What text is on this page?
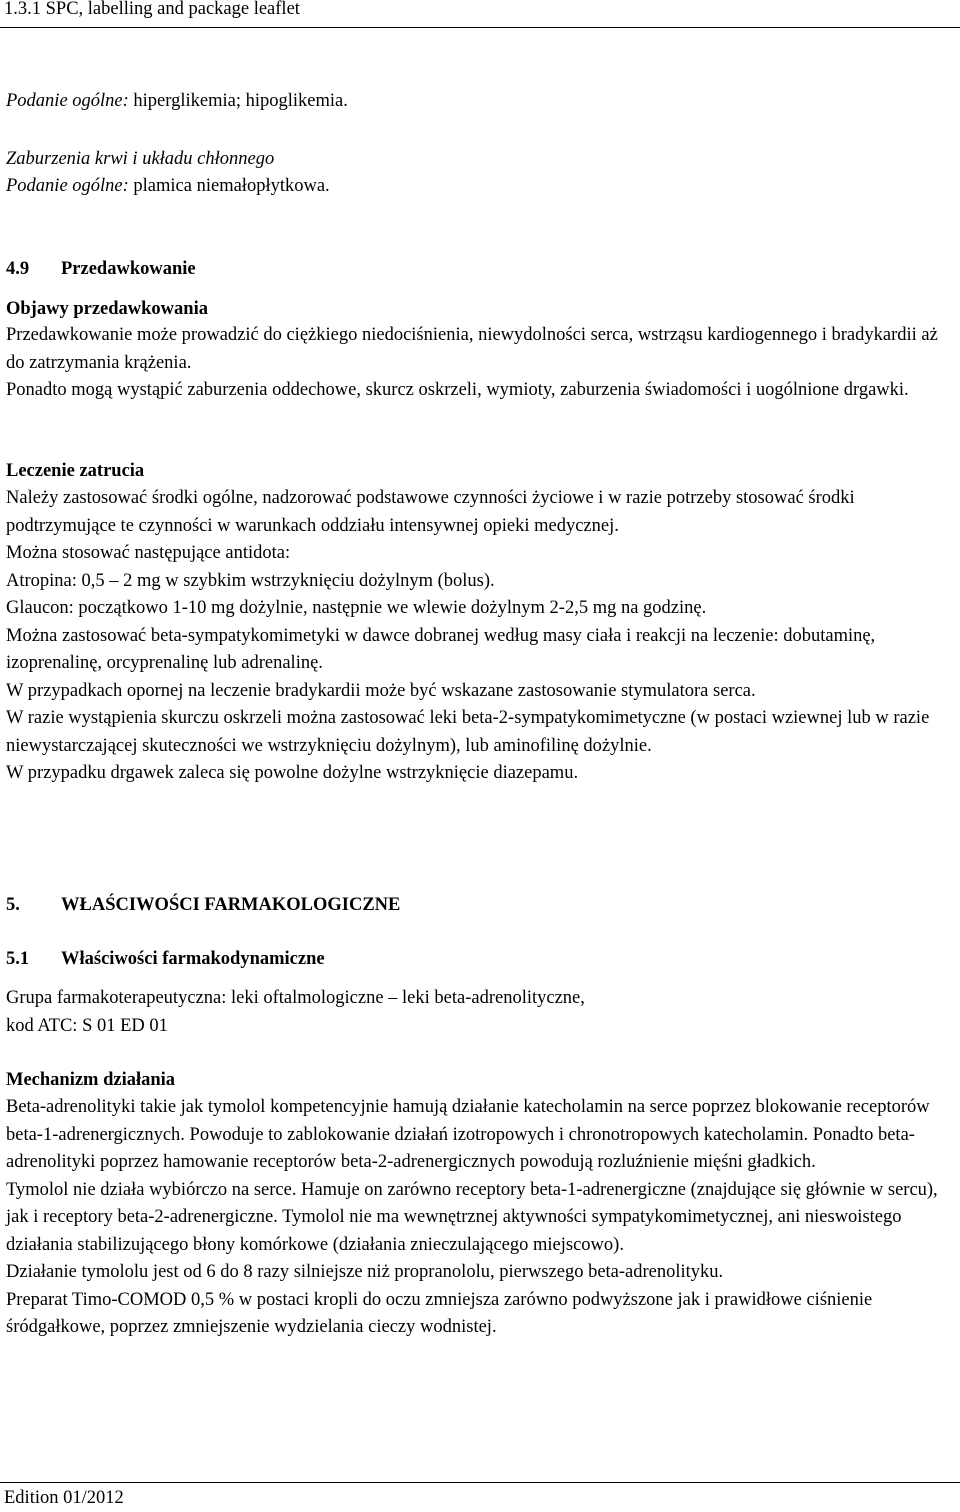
1.3.1 SPC, labelling and package leaflet
Podanie ogólne: hiperglikemia; hipoglikemia.
Zaburzenia krwi i układu chłonnego
Podanie ogólne: plamica niemałopłytkowa.
4.9 Przedawkowanie
Objawy przedawkowania
Przedawkowanie może prowadzić do ciężkiego niedociśnienia, niewydolności serca, wstrząsu kardiogennego i bradykardii aż do zatrzymania krążenia.
Ponadto mogą wystąpić zaburzenia oddechowe, skurcz oskrzeli, wymioty, zaburzenia świadomości i uogólnione drgawki.
Leczenie zatrucia

Należy zastosować środki ogólne, nadzorować podstawowe czynności życiowe i w razie potrzeby stosować środki podtrzymujące te czynności w warunkach oddziału intensywnej opieki medycznej.

Można stosować następujące antidota:

Atropina: 0,5 – 2 mg w szybkim wstrzyknięciu dożylnym (bolus).

Glaucon: początkowo 1-10 mg dożylnie, następnie we wlewie dożylnym 2-2,5 mg na godzinę.

Można zastosować beta-sympatykomimetyki w dawce dobranej według masy ciała i reakcji na leczenie: dobutaminę, izoprenalinę, orcyprenalinę lub adrenalinę.

W przypadkach opornej na leczenie bradykardii może być wskazane zastosowanie stymulatora serca.

W razie wystąpienia skurczu oskrzeli można zastosować leki beta-2-sympatykomimetyczne (w postaci wziewnej lub w razie niewystarczającej skuteczności we wstrzyknięciu dożylnym), lub aminofilinę dożylnie.

W przypadku drgawek zaleca się powolne dożylne wstrzyknięcie diazepamu.

5. WŁAŚCIWOŚCI FARMAKOLOGICZNE
5.1 Właściwości farmakodynamiczne

Grupa farmakoterapeutyczna: leki oftalmologiczne – leki beta-adrenolityczne,

kod ATC: S 01 ED 01

Mechanizm działania

Beta-adrenolityki takie jak tymolol kompetencyjnie hamują działanie katecholamin na serce poprzez blokowanie receptorów beta-1-adrenergicznych. Powoduje to zablokowanie działań izotropowych i chronotropowych katecholamin. Ponadto beta-adrenolityki poprzez hamowanie receptorów beta-2-adrenergicznych powodują rozluźnienie mięśni gładkich.

Tymolol nie działa wybiórczo na serce. Hamuje on zarówno receptory beta-1-adrenergiczne (znajdujące się głównie w sercu), jak i receptory beta-2-adrenergiczne. Tymolol nie ma wewnętrznej aktywności sympatykomimetycznej, ani nieswoistego działania stabilizującego błony komórkowe (działania znieczulającego miejscowo).

Działanie tymololu jest od 6 do 8 razy silniejsze niż propranololu, pierwszego beta-adrenolityku.

Preparat Timo-COMOD 0,5 % w postaci kropli do oczu zmniejsza zarówno podwyższone jak i prawidłowe ciśnienie śródgałkowe, poprzez zmniejszenie wydzielania cieczy wodnistej.

Edition 01/2012
